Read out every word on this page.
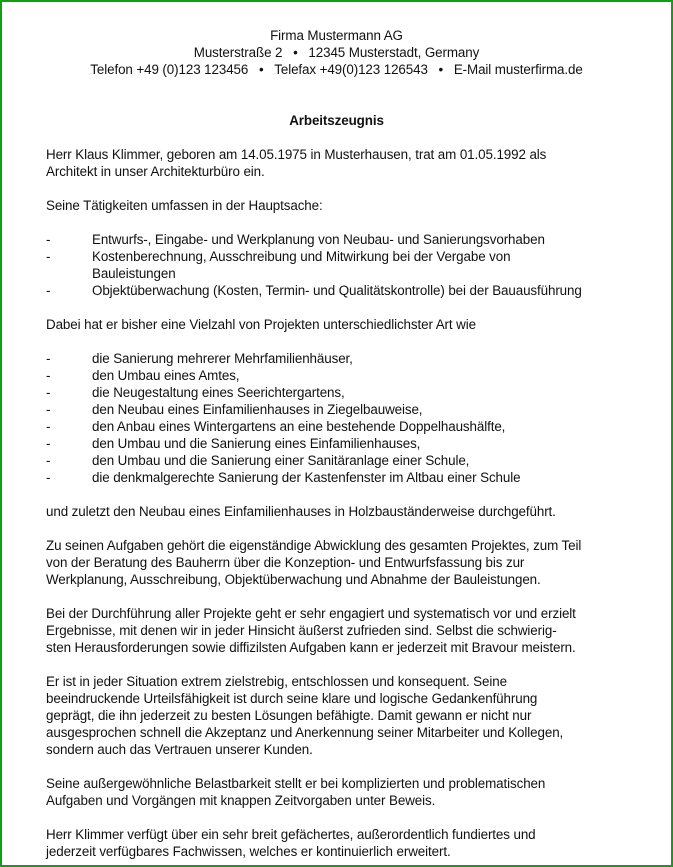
Firma Mustermann AG
Musterstraße 2 • 12345 Musterstadt, Germany
Telefon +49 (0)123 123456 • Telefax +49(0)123 126543 • E-Mail musterfirma.de
Arbeitszeugnis
Herr Klaus Klimmer, geboren am 14.05.1975 in Musterhausen, trat am 01.05.1992 als
Architekt in unser Architekturbüro ein.
Seine Tätigkeiten umfassen in der Hauptsache:
-	Entwurfs-, Eingabe- und Werkplanung von Neubau- und Sanierungsvorhaben
-	Kostenberechnung, Ausschreibung und Mitwirkung bei der Vergabe von
Bauleistungen
-	Objektüberwachung (Kosten, Termin- und Qualitätskontrolle) bei der Bauausführung
Dabei hat er bisher eine Vielzahl von Projekten unterschiedlichster Art wie
-	die Sanierung mehrerer Mehrfamilienhäuser,
-	den Umbau eines Amtes,
-	die Neugestaltung eines Seerichtergartens,
-	den Neubau eines Einfamilienhauses in Ziegelbauweise,
-	den Anbau eines Wintergartens an eine bestehende Doppelhaushälfte,
-	den Umbau und die Sanierung eines Einfamilienhauses,
-	den Umbau und die Sanierung einer Sanitäranlage einer Schule,
-	die denkmalgerechte Sanierung der Kastenfenster im Altbau einer Schule
und zuletzt den Neubau eines Einfamilienhauses in Holzbauständerweise durchgeführt.
Zu seinen Aufgaben gehört die eigenständige Abwicklung des gesamten Projektes, zum Teil
von der Beratung des Bauherrn über die Konzeption- und Entwurfsfassung bis zur
Werkplanung, Ausschreibung, Objektüberwachung und Abnahme der Bauleistungen.
Bei der Durchführung aller Projekte geht er sehr engagiert und systematisch vor und erzielt
Ergebnisse, mit denen wir in jeder Hinsicht äußerst zufrieden sind. Selbst die schwierig-
sten Herausforderungen sowie diffizilsten Aufgaben kann er jederzeit mit Bravour meistern.
Er ist in jeder Situation extrem zielstrebig, entschlossen und konsequent. Seine
beeindruckende Urteilsfähigkeit ist durch seine klare und logische Gedankenführung
geprägt, die ihn jederzeit zu besten Lösungen befähigte. Damit gewann er nicht nur
ausgesprochen schnell die Akzeptanz und Anerkennung seiner Mitarbeiter und Kollegen,
sondern auch das Vertrauen unserer Kunden.
Seine außergewöhnliche Belastbarkeit stellt er bei komplizierten und problematischen
Aufgaben und Vorgängen mit knappen Zeitvorgaben unter Beweis.
Herr Klimmer verfügt über ein sehr breit gefächertes, außerordentlich fundiertes und
jederzeit verfügbares Fachwissen, welches er kontinuierlich erweitert.
